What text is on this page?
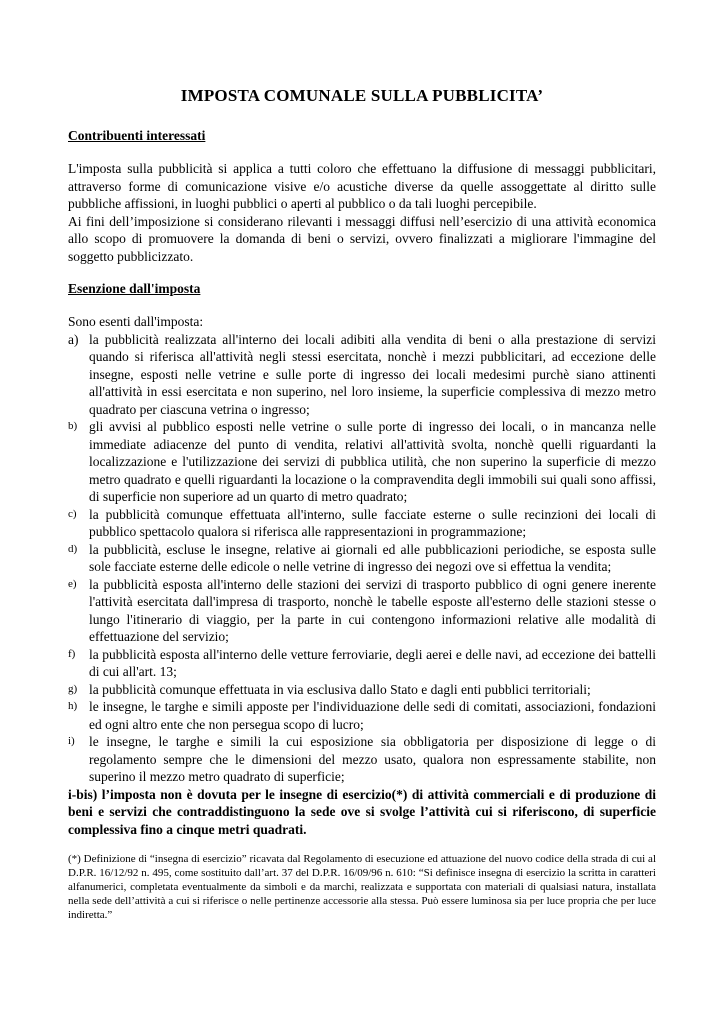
IMPOSTA COMUNALE SULLA PUBBLICITA’
Contribuenti interessati

L'imposta sulla pubblicità si applica a tutti coloro che effettuano la diffusione di messaggi pubblicitari, attraverso forme di comunicazione visive e/o acustiche diverse da quelle assoggettate al diritto sulle pubbliche affissioni, in luoghi pubblici o aperti al pubblico o da tali luoghi percepibile.

Ai fini dell’imposizione si considerano rilevanti i messaggi diffusi nell’esercizio di una attività economica allo scopo di promuovere la domanda di beni o servizi, ovvero finalizzati a migliorare l'immagine del soggetto pubblicizzato.

Esenzione dall'imposta

Sono esenti dall'imposta:

a) la pubblicità realizzata all'interno dei locali adibiti alla vendita di beni o alla prestazione di servizi quando si riferisca all'attività negli stessi esercitata, nonchè i mezzi pubblicitari, ad eccezione delle insegne, esposti nelle vetrine e sulle porte di ingresso dei locali medesimi purchè siano attinenti all'attività in essi esercitata e non superino, nel loro insieme, la superficie complessiva di mezzo metro quadrato per ciascuna vetrina o ingresso;
b) gli avvisi al pubblico esposti nelle vetrine o sulle porte di ingresso dei locali, o in mancanza nelle immediate adiacenze del punto di vendita, relativi all'attività svolta, nonchè quelli riguardanti la localizzazione e l'utilizzazione dei servizi di pubblica utilità, che non superino la superficie di mezzo metro quadrato e quelli riguardanti la locazione o la compravendita degli immobili sui quali sono affissi, di superficie non superiore ad un quarto di metro quadrato;
c) la pubblicità comunque effettuata all'interno, sulle facciate esterne o sulle recinzioni dei locali di pubblico spettacolo qualora si riferisca alle rappresentazioni in programmazione;
d) la pubblicità, escluse le insegne, relative ai giornali ed alle pubblicazioni periodiche, se esposta sulle sole facciate esterne delle edicole o nelle vetrine di ingresso dei negozi ove si effettua la vendita;
e) la pubblicità esposta all'interno delle stazioni dei servizi di trasporto pubblico di ogni genere inerente l'attività esercitata dall'impresa di trasporto, nonchè le tabelle esposte all'esterno delle stazioni stesse o lungo l'itinerario di viaggio, per la parte in cui contengono informazioni relative alle modalità di effettuazione del servizio;
f) la pubblicità esposta all'interno delle vetture ferroviarie, degli aerei e delle navi, ad eccezione dei battelli di cui all'art. 13;
g) la pubblicità comunque effettuata in via esclusiva dallo Stato e dagli enti pubblici territoriali;
h) le insegne, le targhe e simili apposte per l'individuazione delle sedi di comitati, associazioni, fondazioni ed ogni altro ente che non persegua scopo di lucro;
i) le insegne, le targhe e simili la cui esposizione sia obbligatoria per disposizione di legge o di regolamento sempre che le dimensioni del mezzo usato, qualora non espressamente stabilite, non superino il mezzo metro quadrato di superficie;

i-bis) l’imposta non è dovuta per le insegne di esercizio(*) di attività commerciali e di produzione di beni e servizi che contraddistinguono la sede ove si svolge l’attività cui si riferiscono, di superficie complessiva fino a cinque metri quadrati.

(*) Definizione di “insegna di esercizio” ricavata dal Regolamento di esecuzione ed attuazione del nuovo codice della strada di cui al D.P.R. 16/12/92 n. 495, come sostituito dall’art. 37 del D.P.R. 16/09/96 n. 610: “Si definisce insegna di esercizio la scritta in caratteri alfanumerici, completata eventualmente da simboli e da marchi, realizzata e supportata con materiali di qualsiasi natura, installata nella sede dell’attività a cui si riferisce o nelle pertinenze accessorie alla stessa. Può essere luminosa sia per luce propria che per luce indiretta.”
